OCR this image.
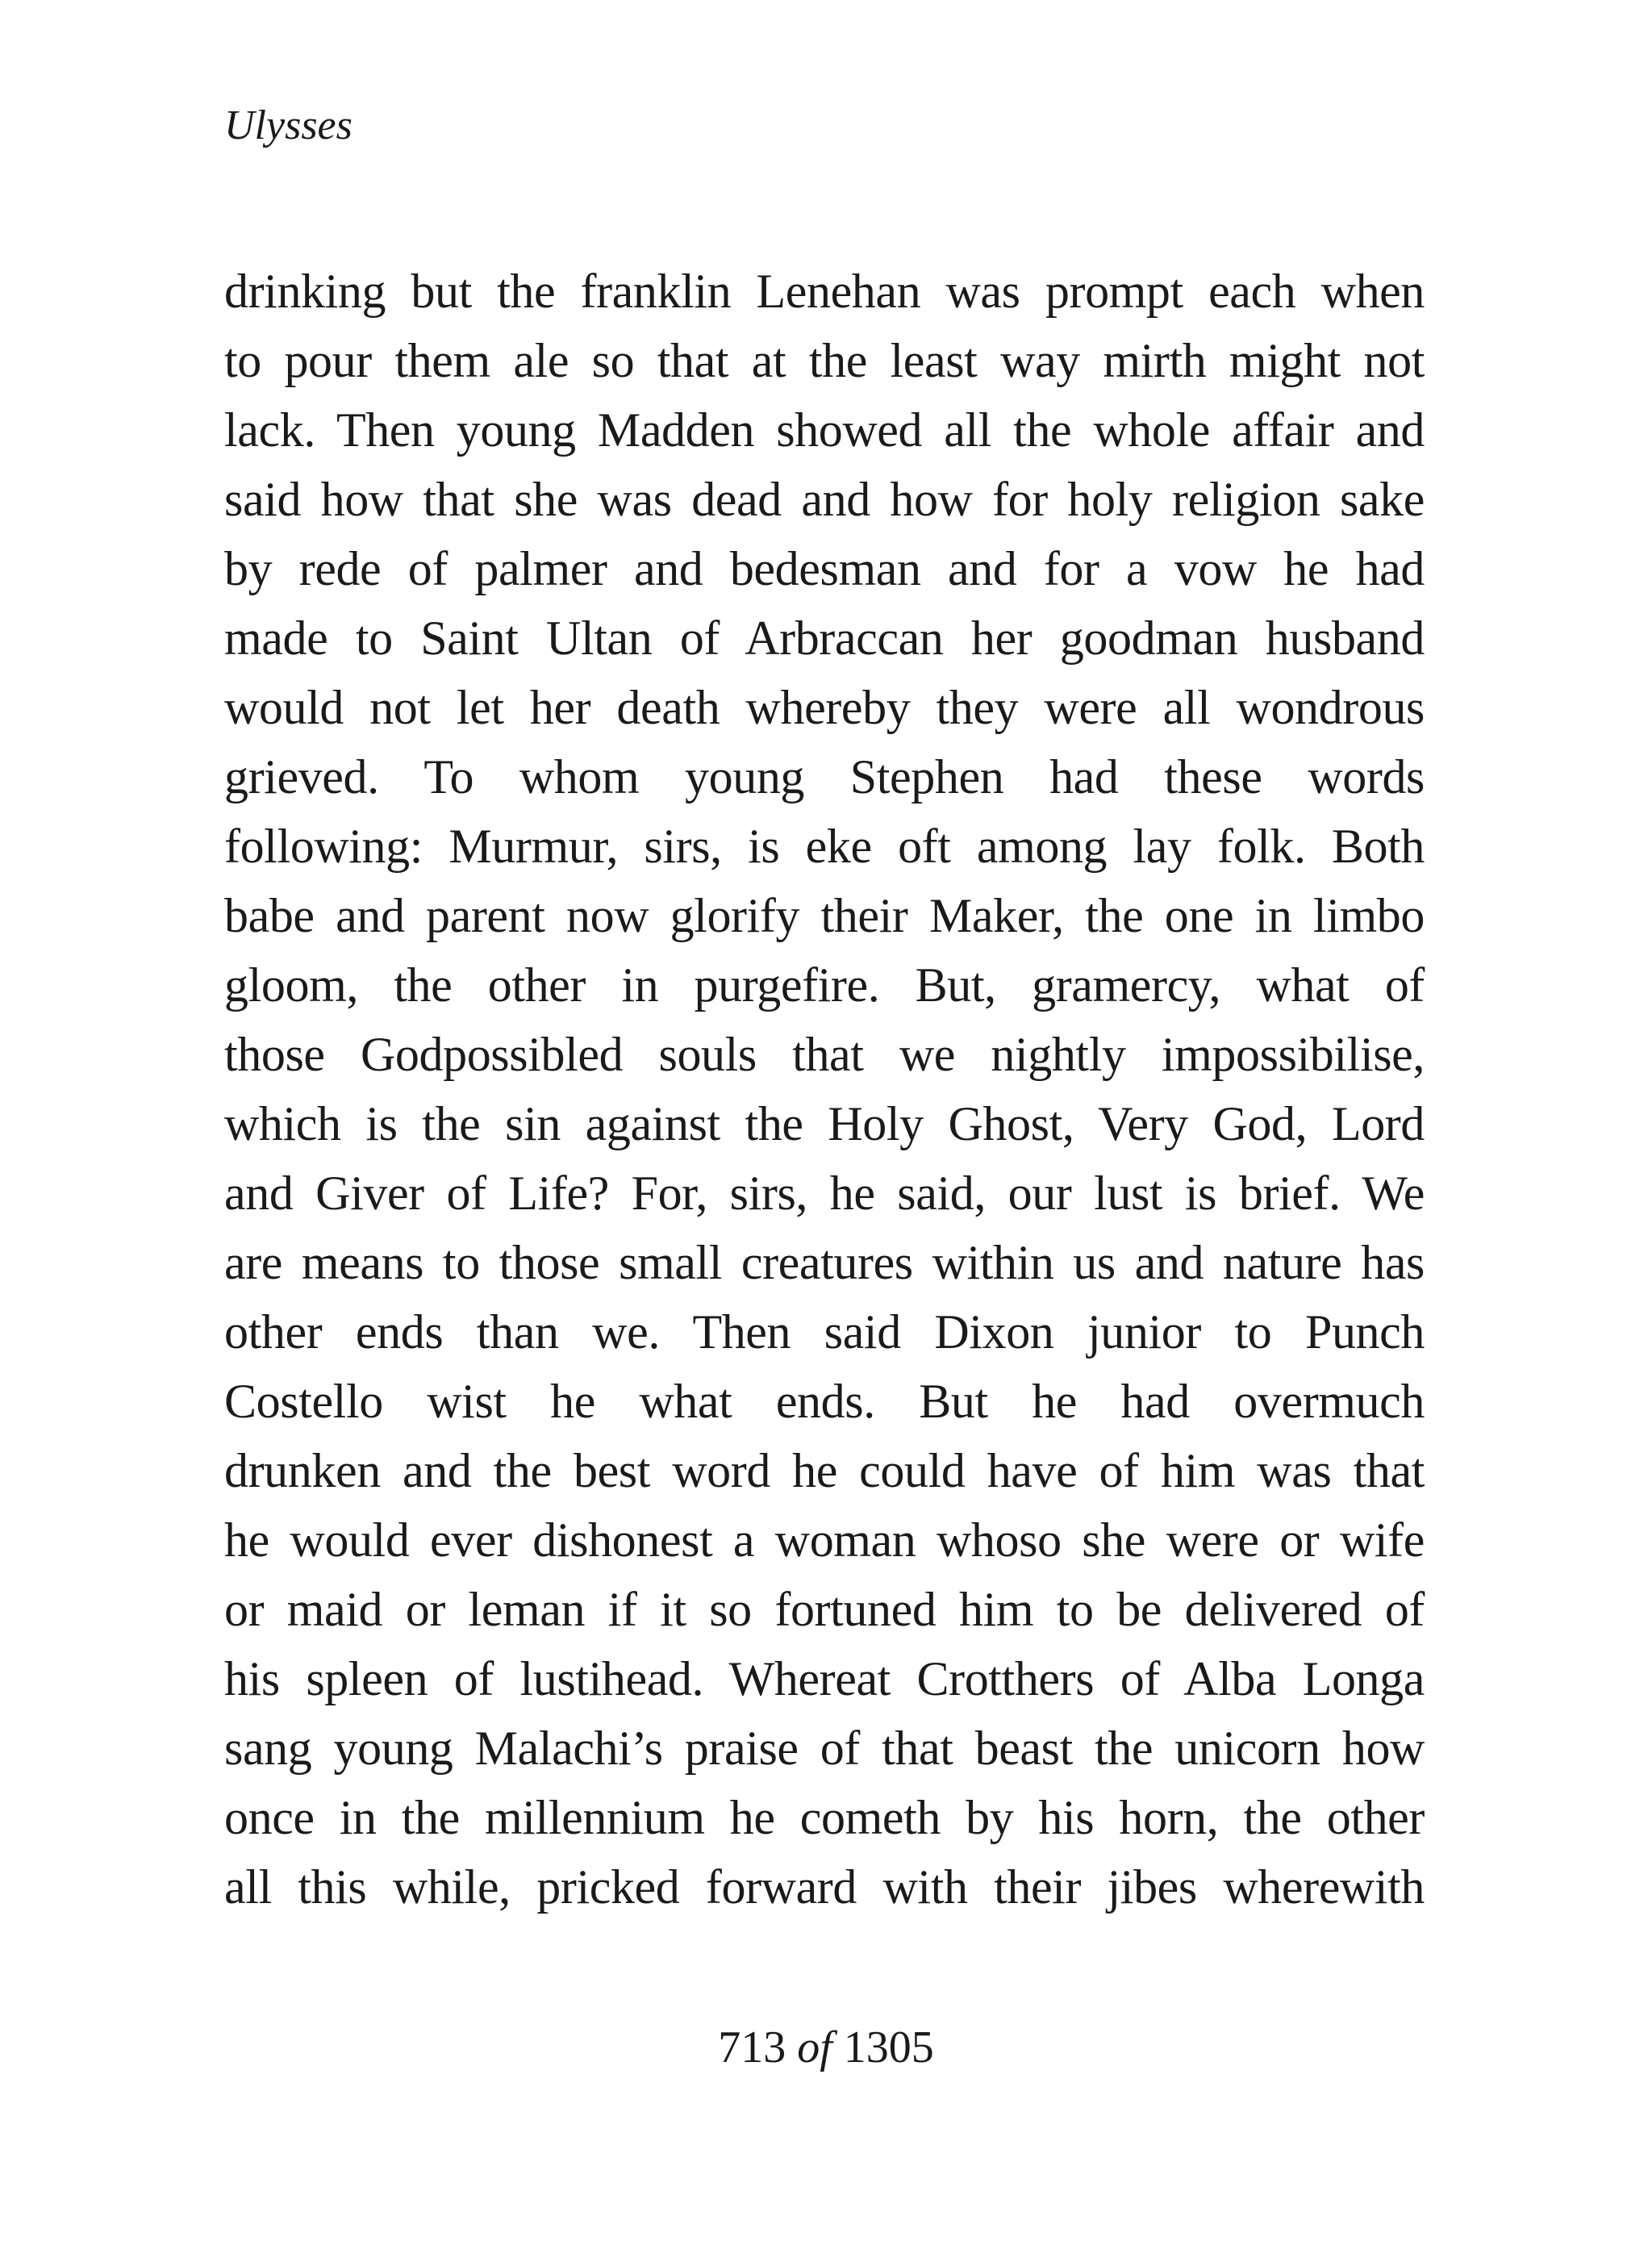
Ulysses
drinking but the franklin Lenehan was prompt each when
to pour them ale so that at the least way mirth might not
lack. Then young Madden showed all the whole affair and
said how that she was dead and how for holy religion sake
by rede of palmer and bedesman and for a vow he had
made to Saint Ultan of Arbraccan her goodman husband
would not let her death whereby they were all wondrous
grieved. To whom young Stephen had these words
following: Murmur, sirs, is eke oft among lay folk. Both
babe and parent now glorify their Maker, the one in limbo
gloom, the other in purgefire. But, gramercy, what of
those Godpossibled souls that we nightly impossibilise,
which is the sin against the Holy Ghost, Very God, Lord
and Giver of Life? For, sirs, he said, our lust is brief. We
are means to those small creatures within us and nature has
other ends than we. Then said Dixon junior to Punch
Costello wist he what ends. But he had overmuch
drunken and the best word he could have of him was that
he would ever dishonest a woman whoso she were or wife
or maid or leman if it so fortuned him to be delivered of
his spleen of lustihead. Whereat Crotthers of Alba Longa
sang young Malachi’s praise of that beast the unicorn how
once in the millennium he cometh by his horn, the other
all this while, pricked forward with their jibes wherewith
713 of 1305
